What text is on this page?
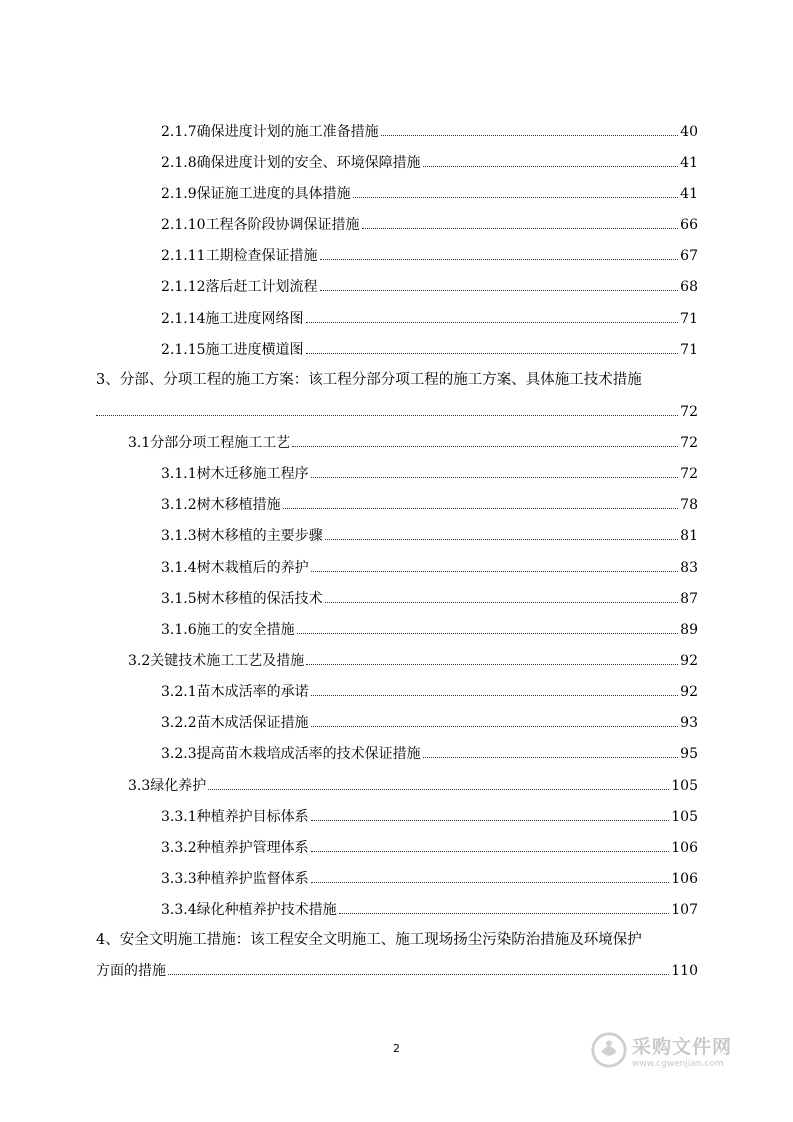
2.1.7确保进度计划的施工准备措施	40
2.1.8确保进度计划的安全、环境保障措施	41
2.1.9保证施工进度的具体措施	41
2.1.10工程各阶段协调保证措施	66
2.1.11工期检查保证措施	67
2.1.12落后赶工计划流程	68
2.1.14施工进度网络图	71
2.1.15施工进度横道图	71
3、分部、分项工程的施工方案：该工程分部分项工程的施工方案、具体施工技术措施
72
3.1分部分项工程施工工艺	72
3.1.1树木迁移施工程序	72
3.1.2树木移植措施	78
3.1.3树木移植的主要步骤	81
3.1.4树木栽植后的养护	83
3.1.5树木移植的保活技术	87
3.1.6施工的安全措施	89
3.2关键技术施工工艺及措施	92
3.2.1苗木成活率的承诺	92
3.2.2苗木成活保证措施	93
3.2.3提高苗木栽培成活率的技术保证措施	95
3.3绿化养护	105
3.3.1种植养护目标体系	105
3.3.2种植养护管理体系	106
3.3.3种植养护监督体系	106
3.3.4绿化种植养护技术措施	107
4、安全文明施工措施：该工程安全文明施工、施工现场扬尘污染防治措施及环境保护
方面的措施	110
2	采购文件网
www.cgwenjian.com
